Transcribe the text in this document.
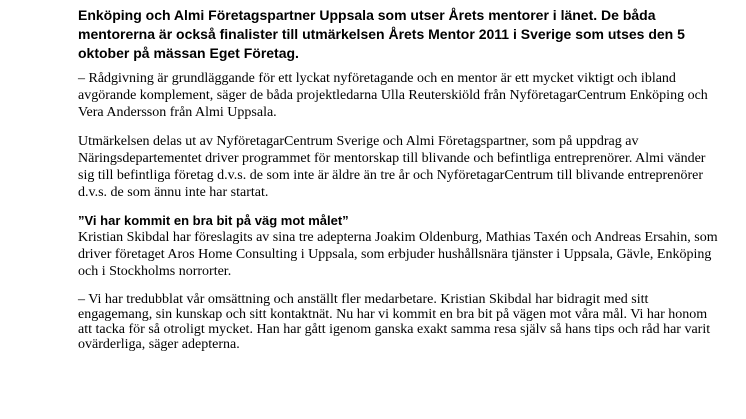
Enköping och Almi Företagspartner Uppsala som utser Årets mentorer i länet. De båda mentorerna är också finalister till utmärkelsen Årets Mentor 2011 i Sverige som utses den 5 oktober på mässan Eget Företag.

– Rådgivning är grundläggande för ett lyckat nyföretagande och en mentor är ett mycket viktigt och ibland avgörande komplement, säger de båda projektledarna Ulla Reuterskiöld från NyföretagarCentrum Enköping och Vera Andersson från Almi Uppsala.

Utmärkelsen delas ut av NyföretagarCentrum Sverige och Almi Företagspartner, som på uppdrag av Näringsdepartementet driver programmet för mentorskap till blivande och befintliga entreprenörer. Almi vänder sig till befintliga företag d.v.s. de som inte är äldre än tre år och NyföretagarCentrum till blivande entreprenörer d.v.s. de som ännu inte har startat.

”Vi har kommit en bra bit på väg mot målet”

Kristian Skibdal har föreslagits av sina tre adepterna Joakim Oldenburg, Mathias Taxén och Andreas Ersahin, som driver företaget Aros Home Consulting i Uppsala, som erbjuder hushållsnära tjänster i Uppsala, Gävle, Enköping och i Stockholms norrorter.

– Vi har tredubblat vår omsättning och anställt fler medarbetare. Kristian Skibdal har bidragit med sitt engagemang, sin kunskap och sitt kontaktnät. Nu har vi kommit en bra bit på vägen mot våra mål. Vi har honom att tacka för så otroligt mycket. Han har gått igenom ganska exakt samma resa själv så hans tips och råd har varit ovärderliga, säger adepterna.
